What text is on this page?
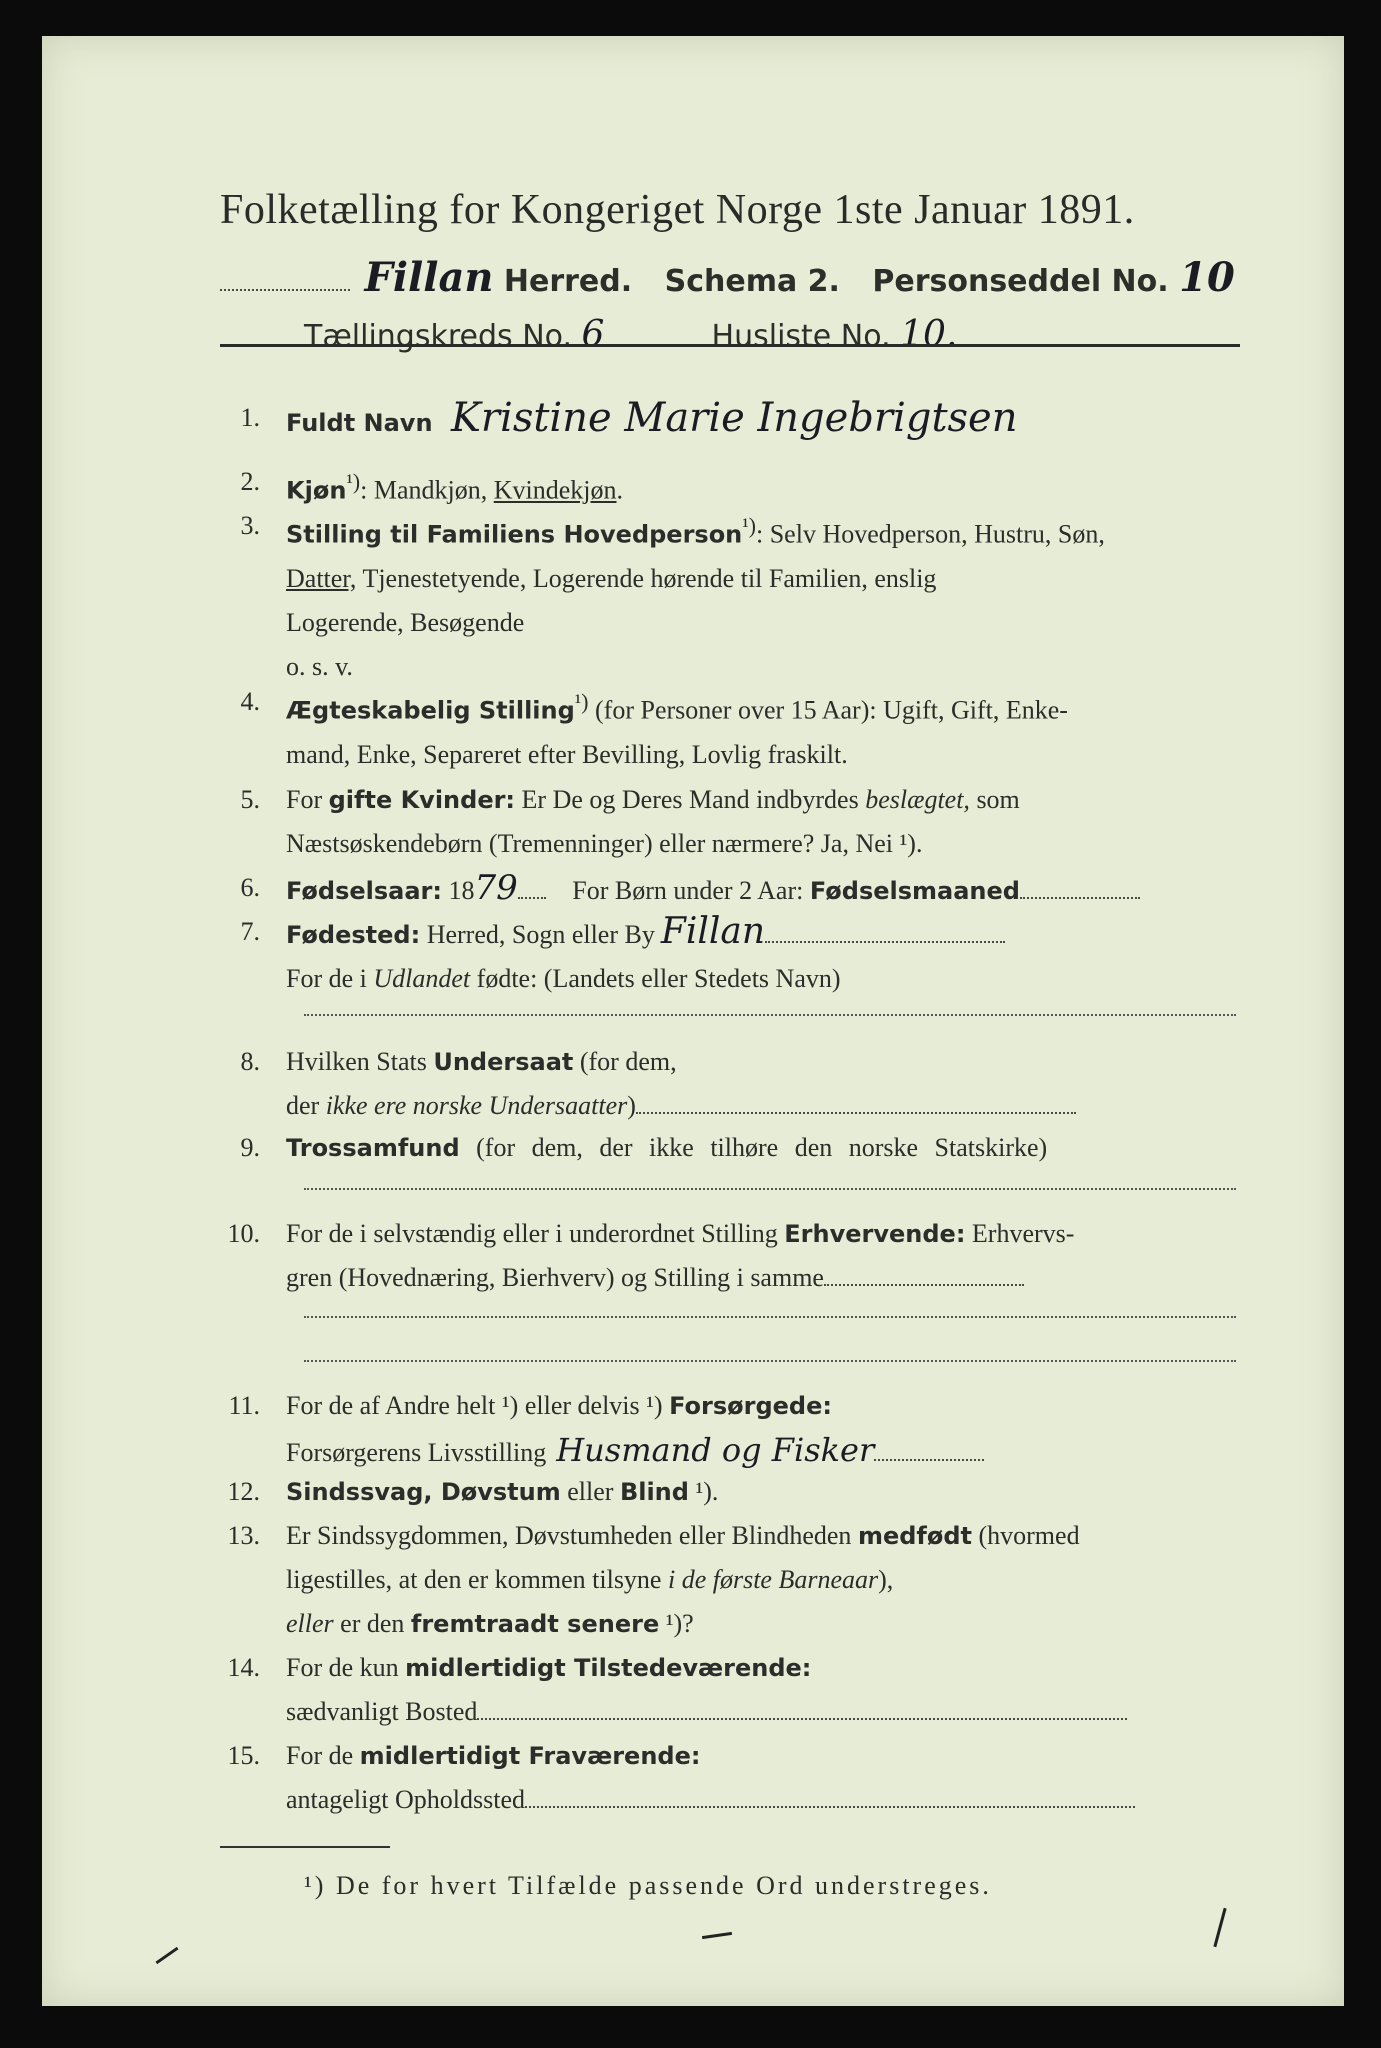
Folketælling for Kongeriget Norge 1ste Januar 1891.
Fillan Herred. Schema 2. Personseddel No. 10
Tællingskreds No. 6	Husliste No. 10.
1. Fuldt Navn Kristine Marie Ingebrigtsen
2. Kjøn$^{^1)}$: Mandkjøn, Kvindekjøn.
3. Stilling til Familiens Hovedperson$^{^1)}$: Selv Hovedperson, Hustru, Søn,
Datter, Tjenestetyende, Logerende hørende til Familien, enslig
Logerende, Besøgende
o. s. v.
4. Ægteskabelig Stilling$^{^1)}$ (for Personer over 15 Aar): Ugift, Gift, Enke-
mand, Enke, Separeret efter Bevilling, Lovlig fraskilt.
5. For gifte Kvinder: Er De og Deres Mand indbyrdes beslægtet, som
Næstsøskendebørn (Tremenninger) eller nærmere? Ja, Nei ¹).
6. Fødselsaar: 1879 For Børn under 2 Aar: Fødselsmaaned
7. Fødested: Herred, Sogn eller By Fillan
For de i Udlandet fødte: (Landets eller Stedets Navn)
8. Hvilken Stats Undersaat (for dem,
der ikke ere norske Undersaatter)
9. Trossamfund (for dem, der ikke tilhøre den norske Statskirke)
10. For de i selvstændig eller i underordnet Stilling Erhvervende: Erhvervs-
gren (Hovednæring, Bierhverv) og Stilling i samme
11. For de af Andre helt ¹) eller delvis ¹) Forsørgede:
Forsørgerens Livsstilling Husmand og Fisker
12. Sindssvag, Døvstum eller Blind ¹).
13. Er Sindssygdommen, Døvstumheden eller Blindheden medfødt (hvormed
ligestilles, at den er kommen tilsyne i de første Barneaar),
eller er den fremtraadt senere ¹)?
14. For de kun midlertidigt Tilstedeværende:
sædvanligt Bosted
15. For de midlertidigt Fraværende:
antageligt Opholdssted
¹) De for hvert Tilfælde passende Ord understreges.
